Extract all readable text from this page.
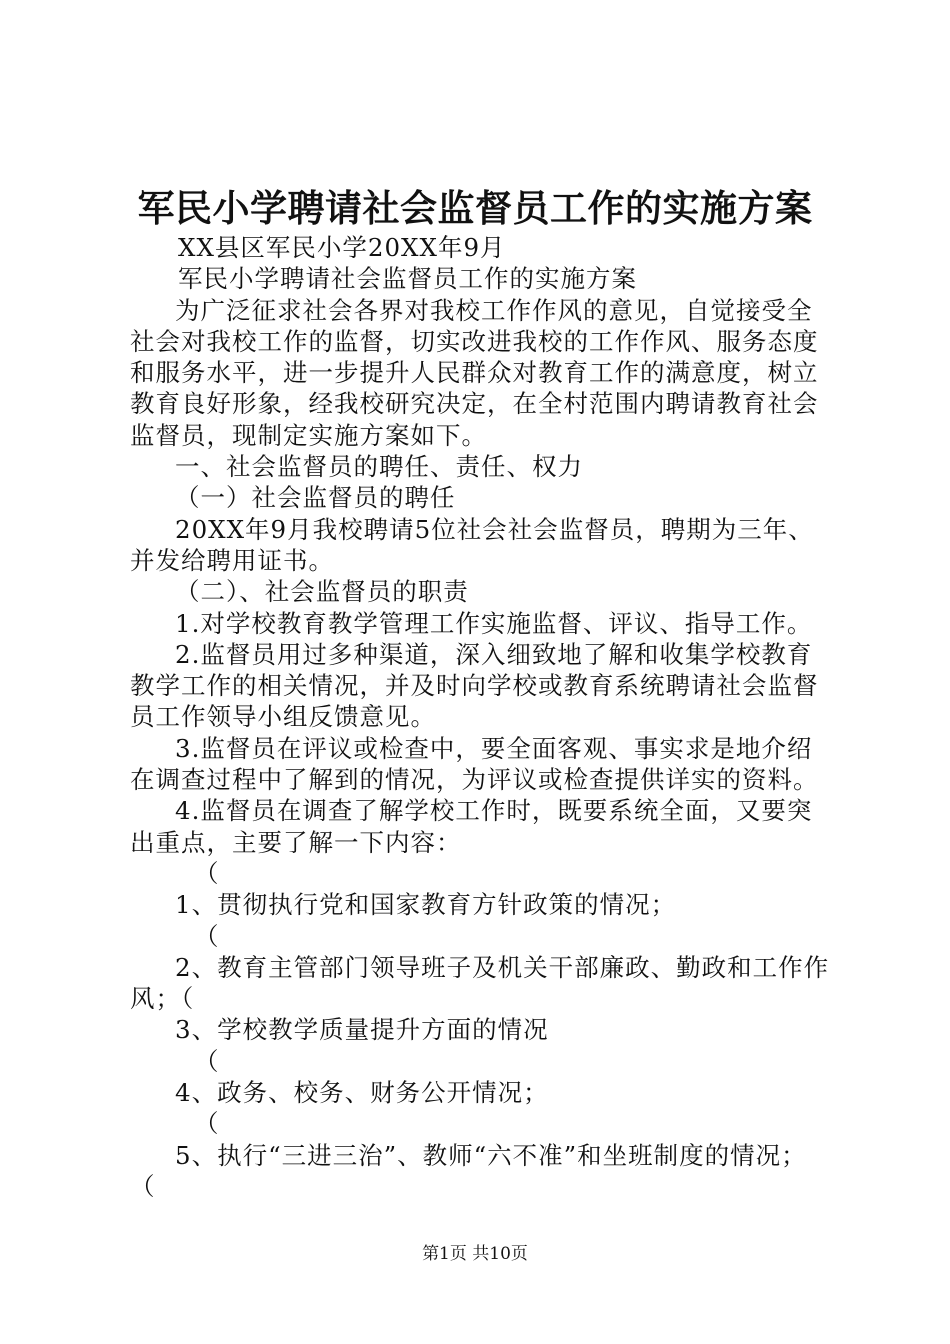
军民小学聘请社会监督员工作的实施方案
XX县区军民小学20XX年9月
军民小学聘请社会监督员工作的实施方案
为广泛征求社会各界对我校工作作风的意见，自觉接受全
社会对我校工作的监督，切实改进我校的工作作风、服务态度
和服务水平，进一步提升人民群众对教育工作的满意度，树立
教育良好形象，经我校研究决定，在全村范围内聘请教育社会
监督员，现制定实施方案如下。
一、社会监督员的聘任、责任、权力
（一）社会监督员的聘任
20XX年9月我校聘请5位社会社会监督员，聘期为三年、
并发给聘用证书。
（二）、社会监督员的职责
1.对学校教育教学管理工作实施监督、评议、指导工作。
2.监督员用过多种渠道，深入细致地了解和收集学校教育
教学工作的相关情况，并及时向学校或教育系统聘请社会监督
员工作领导小组反馈意见。
3.监督员在评议或检查中，要全面客观、事实求是地介绍
在调查过程中了解到的情况，为评议或检查提供详实的资料。
4.监督员在调查了解学校工作时，既要系统全面，又要突
出重点，主要了解一下内容：
（
1、贯彻执行党和国家教育方针政策的情况；
（
2、教育主管部门领导班子及机关干部廉政、勤政和工作作
风；（
3、学校教学质量提升方面的情况
（
4、政务、校务、财务公开情况；
（
5、执行“三进三治”、教师“六不准”和坐班制度的情况；
（
第1页 共10页
